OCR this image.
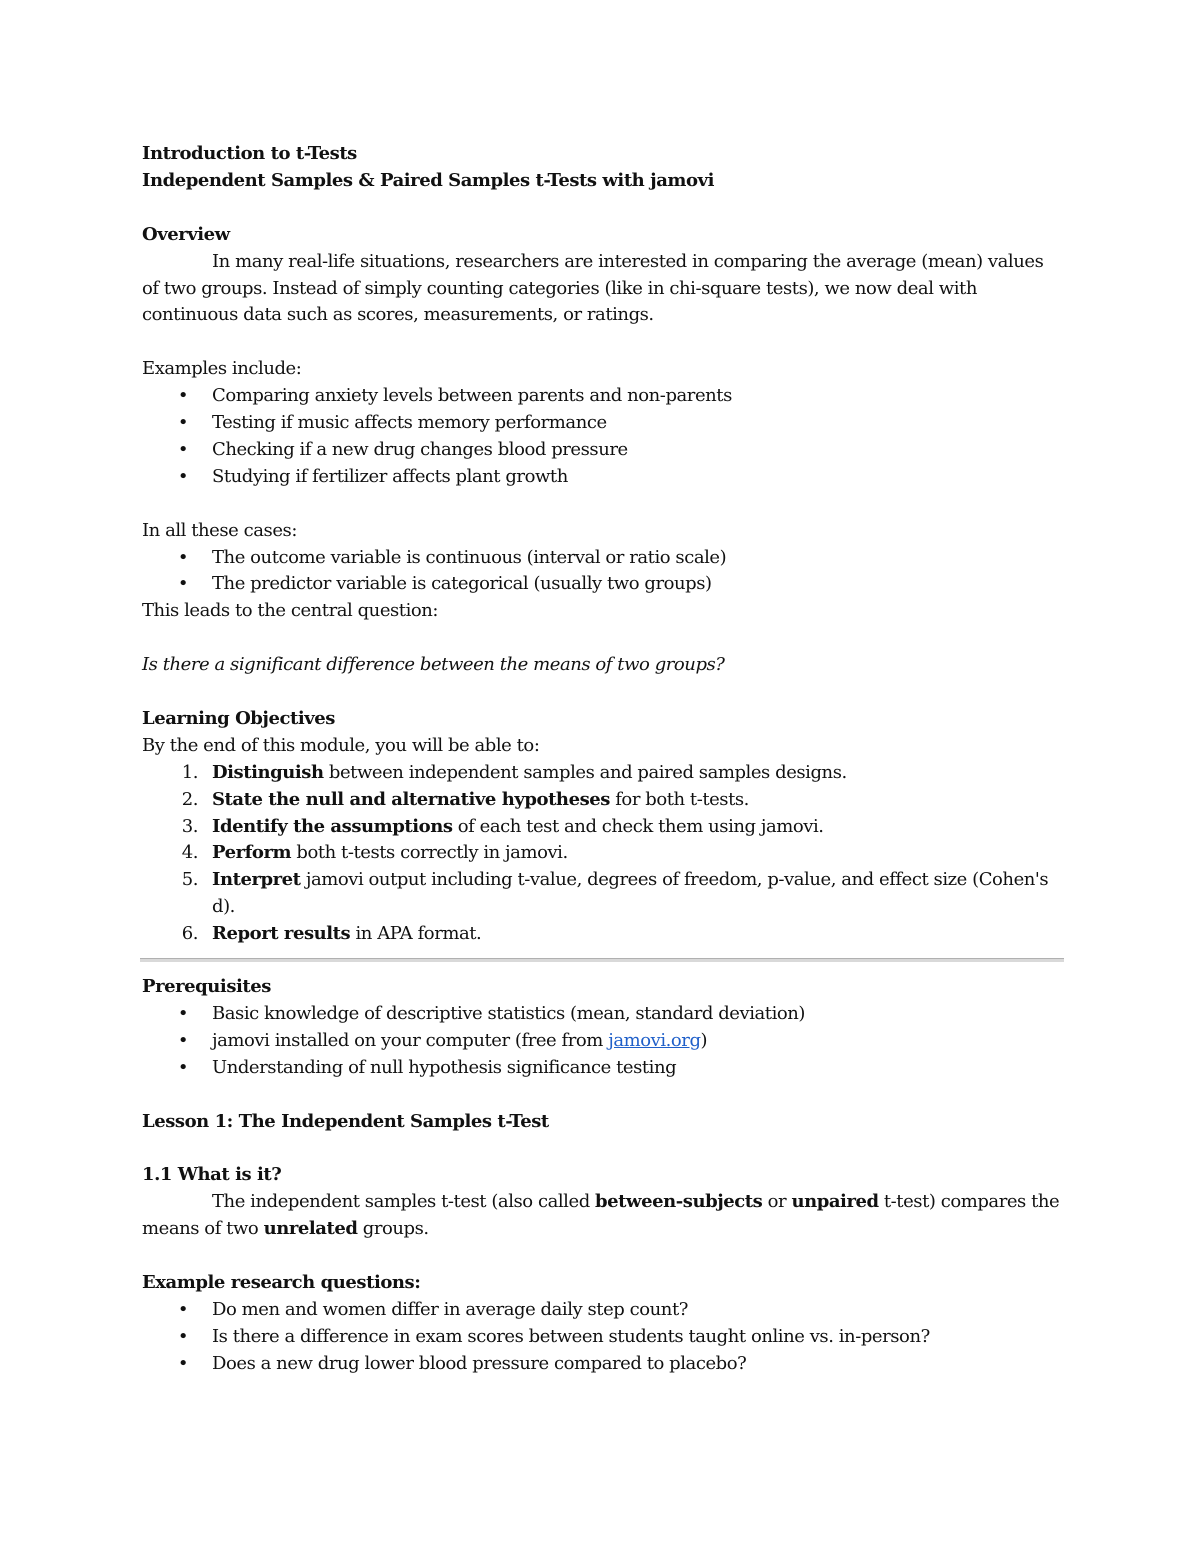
Introduction to t-Tests

Independent Samples & Paired Samples t-Tests with jamovi

Overview

In many real-life situations, researchers are interested in comparing the average (mean) values of two groups. Instead of simply counting categories (like in chi-square tests), we now deal with continuous data such as scores, measurements, or ratings.

Examples include:

• Comparing anxiety levels between parents and non-parents
• Testing if music affects memory performance
• Checking if a new drug changes blood pressure
• Studying if fertilizer affects plant growth

In all these cases:

• The outcome variable is continuous (interval or ratio scale)
• The predictor variable is categorical (usually two groups)

This leads to the central question:

Is there a significant difference between the means of two groups?

Learning Objectives

By the end of this module, you will be able to:

1. Distinguish between independent samples and paired samples designs.
2. State the null and alternative hypotheses for both t-tests.
3. Identify the assumptions of each test and check them using jamovi.
4. Perform both t-tests correctly in jamovi.
5. Interpret jamovi output including t-value, degrees of freedom, p-value, and effect size (Cohen's d).
6. Report results in APA format.

Prerequisites

• Basic knowledge of descriptive statistics (mean, standard deviation)
• jamovi installed on your computer (free from jamovi.org)
• Understanding of null hypothesis significance testing

Lesson 1: The Independent Samples t-Test

1.1 What is it?

The independent samples t-test (also called between-subjects or unpaired t-test) compares the means of two unrelated groups.

Example research questions:

• Do men and women differ in average daily step count?
• Is there a difference in exam scores between students taught online vs. in-person?
• Does a new drug lower blood pressure compared to placebo?
